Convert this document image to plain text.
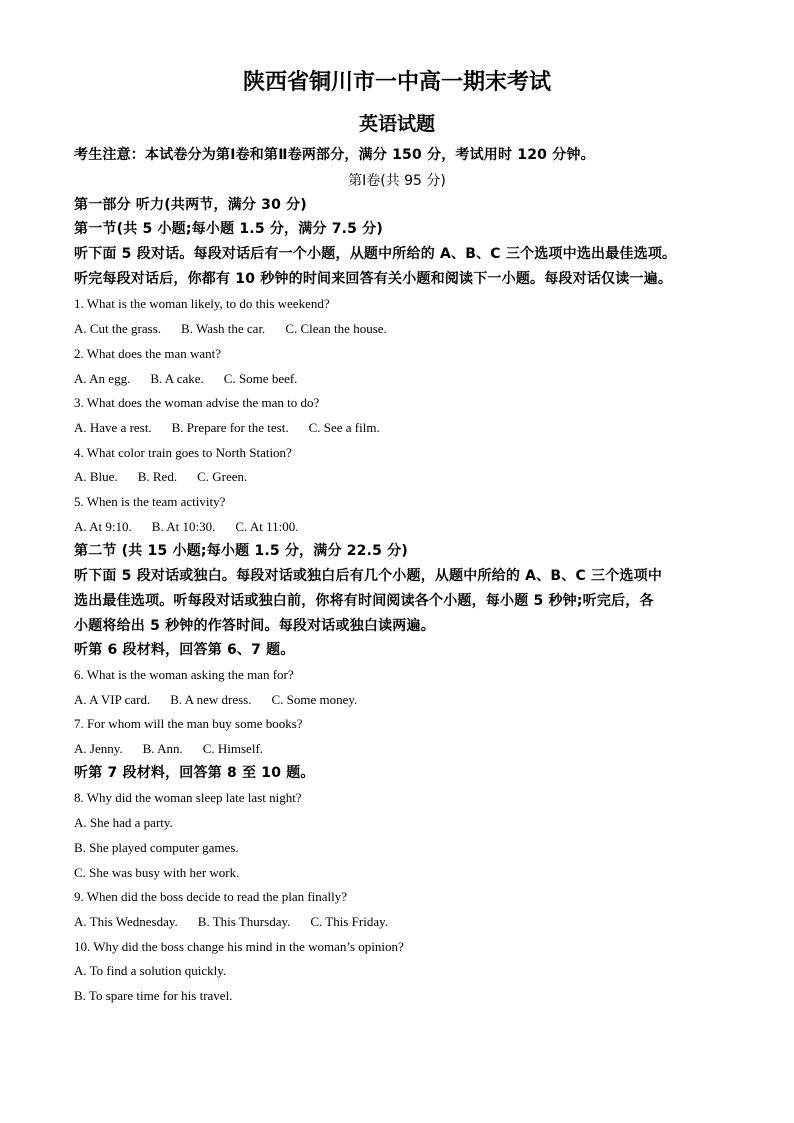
陕西省铜川市一中高一期末考试
英语试题
考生注意：本试卷分为第Ⅰ卷和第Ⅱ卷两部分，满分 150 分，考试用时 120 分钟。
第Ⅰ卷(共 95 分)
第一部分 听力(共两节，满分 30 分)
第一节(共 5 小题;每小题 1.5 分，满分 7.5 分)
听下面 5 段对话。每段对话后有一个小题，从题中所给的 A、B、C 三个选项中选出最佳选项。
听完每段对话后，你都有 10 秒钟的时间来回答有关小题和阅读下一小题。每段对话仅读一遍。
1. What is the woman likely, to do this weekend?
A. Cut the grass. B. Wash the car. C. Clean the house.
2. What does the man want?
A. An egg. B. A cake. C. Some beef.
3. What does the woman advise the man to do?
A. Have a rest. B. Prepare for the test. C. See a film.
4. What color train goes to North Station?
A. Blue. B. Red. C. Green.
5. When is the team activity?
A. At 9:10. B. At 10:30. C. At 11:00.
第二节 (共 15 小题;每小题 1.5 分，满分 22.5 分)
听下面 5 段对话或独白。每段对话或独白后有几个小题，从题中所给的 A、B、C 三个选项中
选出最佳选项。听每段对话或独白前，你将有时间阅读各个小题，每小题 5 秒钟;听完后，各
小题将给出 5 秒钟的作答时间。每段对话或独白读两遍。
听第 6 段材料，回答第 6、7 题。
6. What is the woman asking the man for?
A. A VIP card. B. A new dress. C. Some money.
7. For whom will the man buy some books?
A. Jenny. B. Ann. C. Himself.
听第 7 段材料，回答第 8 至 10 题。
8. Why did the woman sleep late last night?
A. She had a party.
B. She played computer games.
C. She was busy with her work.
9. When did the boss decide to read the plan finally?
A. This Wednesday. B. This Thursday. C. This Friday.
10. Why did the boss change his mind in the woman’s opinion?
A. To find a solution quickly.
B. To spare time for his travel.
